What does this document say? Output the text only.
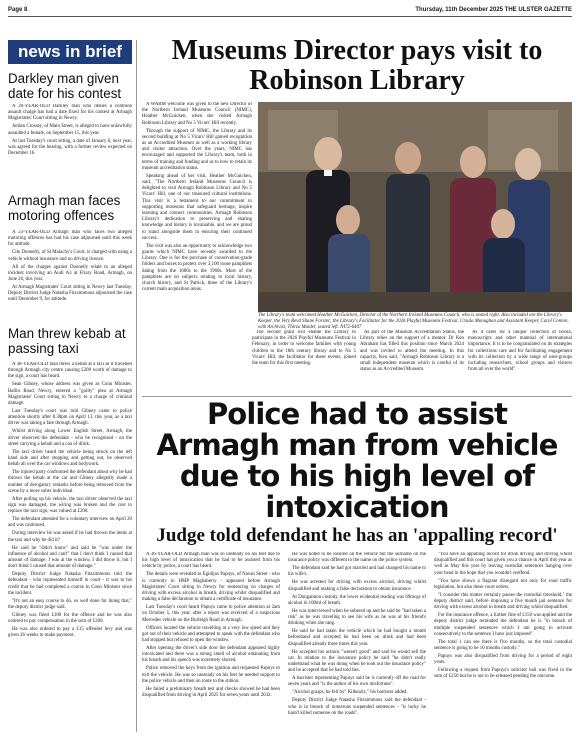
Page 8	Thursday, 11th December 2025 THE ULSTER GAZETTE
news in brief
Darkley man given date for his contest

A 20-YEAR-OLD Darkley man who denies a common assault charge has had a date fixed for his contest at Armagh Magistrates' Court sitting in Newry.

Jordan Crossey, of Main Street, is alleged to have unlawfully assaulted a female, on September 15, this year.

At last Tuesday's court sitting, a date of January 6, next year, was agreed for the hearing, with a further review expected on December 16.

Armagh man faces motoring offences

A 23-YEAR-OLD Armagh man who faces two alleged motoring offences has had his case adjourned until this week for attitude.

Cile Donnelly, of St Malachy's Court, is charged with using a vehicle without insurance and no driving licence.

All of the charges against Donnelly relate to an alleged incident involving an Audi A3 at Friary Road, Armagh, on June 26, this year.

At Armagh Magistrates' Court sitting in Newry last Tuesday, Deputy District Judge Natasha Fitzsimmons adjourned the case until December 9, for attitude.

Man threw kebab at passing taxi

A 38-YEAR-OLD man threw a kebab at a taxi as it travelled through Armagh city centre causing £200 worth of damage to the sign, a court has heard.

Sean Gibney, whose address was given as Conn Minister, Ballin Road, Newry, entered a "guilty" plea at Armagh Magistrates' Court sitting in Newry to a charge of criminal damage.

Last Tuesday's court was told Gibney came to police attention shortly after 8.30pm on April 13, this year, as a taxi driver was taking a fare through Armagh.

Whilst driving along Lower English Street, Armagh, the driver observed the defendant - who he recognised - on the street carrying a kebab and a can of drink.

The taxi driver heard the vehicle being struck on the left hand side and after stopping and getting out, he observed kebab all over the car windows and bodywork.

The injured party confronted the defendant about why he had thrown the kebab at the car and Gibney allegedly made a number of derogatory remarks before being removed from the scene by a more sober individual.

After pulling up his vehicle, the taxi driver observed the taxi sign was damaged, the wiring was broken and the cost to replace the taxi sign, was valued at £200.

The defendant attended for a voluntary interview on April 20 and was cautioned.

During interview he was asked if he had thrown the items at the taxi and why he did it?

He said he "didn't know" and said he "was under the influence of alcohol and can't" that I don't think I caused that amount of damage. I was at the window, I did throw it, but I don't think I caused that amount of damage."

Deputy District Judge Natasha Fitzsimmons told the defendant - who represented himself in court - it was to his credit that he had completed a course in Conn Minister since the incident.

"It's not an easy course to do, so well done for doing that," the deputy district judge said.

Gibney was fined £100 for the offence and he was also ordered to pay compensation in the sum of £200.

He was also ordered to pay a £15 offender levy and was given 26 weeks to make payment.

Museums Director pays visit to Robinson Library

A WARM welcome was given to the new Director of the Northern Ireland Museums Council (NIMC), Heather McGuicken, when she visited Armagh Robinson Library and No 5 Vicars' Hill recently.

Through the support of NIMC, the Library and its second building at No 5 Vicars' Hill gained recognition as an Accredited Museum as well as a working library and visitor attraction. Over the years, NIMC has encouraged and supported the Library's team, both in terms of training and funding and as to how to retain its museum accreditation status.

Speaking ahead of her visit, Heather McGuicken, said, "The Northern Ireland Museums Council is delighted to visit Armagh Robinson Library and No 5 Vicars' Hill, one of our treasured cultural institutions. This visit is a testament to our commitment to supporting museums that safeguard heritage, inspire learning and connect communities. Armagh Robinson Library's dedication to preserving and sharing knowledge and history is invaluable, and we are proud to stand alongside them in ensuring their continued success.

The visit was also an opportunity to acknowledge two grants which NIMC have recently awarded to the Library. One is for the purchase of conservation-grade folders and boxes to protect over 2,100 loose pamphlets dating from the 1680s to the 1960s. Most of the pamphlets are on subjects relating to local history, church history, and St Patrick, three of the Library's current main acquisition areas.

The Library's team welcomed Heather McGuicken, Director of the Northern Ireland Museums Council, who is seated right. Also included are the Library's Keeper, the Very Revd Shane Forster; the Library's Facilitator for the 2026 Playful Museums Festival, Ursula Monaghan and Assistant Keeper, Carol Conlon, with Archivist, Thirza Mulder, seated left. NI72-6407

The second grant will enable the Library to participate in the 2026 Playful Museums Festival in February, in order to welcome families with young children to the 18th century library and to No 5 Vicars' Hill, the facilitator for these events, joined the team for this first meeting.

As part of the Museum Accreditation Status, the Library relies on the support of a mentor. Dr Ken Abraham has filled this position since March 2024 and was invited to attend the meeting. In this capacity, Ken said, "Armagh Robinson Library is a small independent museum which is careful of its status as an Accredited Museum.

As it cares for a unique collection of books, manuscripts and other material of international importance. It is to be congratulated on its strategies for collections care and for facilitating engagement with its collection by a wide range of user-groups including researchers, school groups and visitors from all over the world".

Police had to assist Armagh man from vehicle due to his high level of intoxication
Judge told defendant he has an 'appalling record'

A 36-YEAR-OLD Armagh man was so unsteady on his feet due to his high level of intoxication that he had to be assisted from his vehicle by police, a court has heard.

The details were revealed as Egidijus Papuys, of Navan Street - who is currently in HMP Maghaberry - appeared before Armagh Magistrates' Court sitting in Newry for sentencing on charges of driving with excess alcohol in breath, driving whilst disqualified and making a false declaration to obtain a certificate of insurance.

Last Tuesday's court heard Papuys came to police attention at 2am on October 5, this year, after a report was received of a suspicious Mercedes vehicle on the Burleigh Road in Armagh.

Officers located the vehicle travelling at a very low speed and they got out of their vehicle and attempted to speak with the defendant who had stopped but refused to open the window.

After opening the driver's side door the defendant appeared highly intoxicated and there was a strong smell of alcohol emanating from his breath and his speech was extremely slurred.

Police removed the keys from the ignition and requested Papuys to exit the vehicle. He was so unsteady on his feet he needed support to the police vehicle and then on route to the station.

He failed a preliminary breath test and checks showed he had been disqualified from driving in April 2025 for seven years until 2032.

He was noted to be insured on the vehicle but the surname on the insurance policy was different to the name on the police system.

The defendant said he had got married and had changed his name to his wife's.

He was arrested for driving with excess alcohol, driving whilst disqualified and making a false declaration to obtain insurance.

At Dungannon custody, the lower evidential reading was 69mcgs of alcohol in 100ml of breath.

He was interviewed when he sobered up and he said he "had taken a risk" as he was traveling to see his wife as he was at his friend's drinking when she rang.

He said he had taken the vehicle which he had bought a month beforehand and accepted he had been on drink and had been disqualified already three times this year.

He accepted his actions "weren't good" and said he would sell the car. In relation to the insurance policy he said "he didn't really understand what he was doing when he took out the insurance policy" and he accepted that he had told lies.

A barrister representing Papuys said he is currently off the road for seven years and "is the author of his own misfortune".

"Alcohol grasps, he fell by" Kilkearly," his barrister added.

Deputy District Judge Natasha Fitzsimmons said the defendant - who is in breach of numerous suspended sentences - "is lucky he hasn't killed someone on the roads".

"You have an appalling record for drink driving and driving whilst disqualified and this court has given you a chance in April this year as well as May this year by leaving custodial sentences hanging over your head in the hope that you wouldn't reoffend.

"You have shown a flagrant disregard not only for road traffic legislation, but also these court orders.

"I consider this matter certainly passes the custodial threshold," the deputy district said, before imposing a five month jail sentence for driving with excess alcohol in breath and driving whilst disqualified.

For the insurance offence, a further fine of £150 was applied and the deputy district judge reminded the defendant he is "in breach of multiple suspended sentences which I am going to activate consecutively to the sentence I have just imposed".

The total 1 can see there is five months, so the total custodial sentence is going to be 10 months custody."

Papuys was also disqualified from driving for a period of eight years.

Following a request from Papuys's solicitor bail was fixed in the sum of £250 but he is not to be released pending the outcome.
